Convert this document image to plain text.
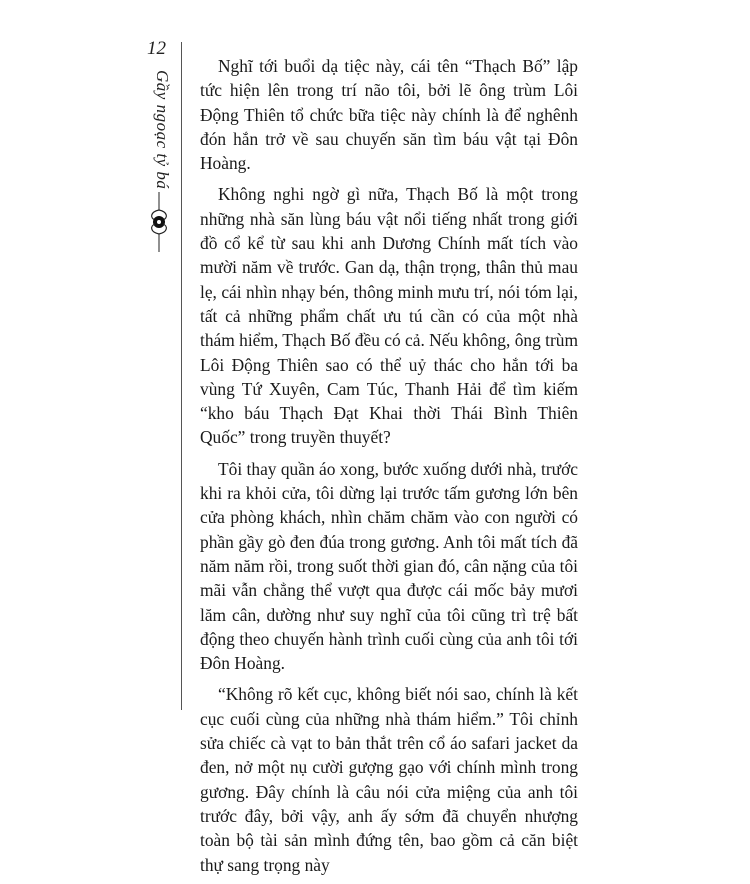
12
Gầy ngoạc tỷ bá

Nghĩ tới buổi dạ tiệc này, cái tên “Thạch Bố” lập tức hiện lên trong trí não tôi, bởi lẽ ông trùm Lôi Động Thiên tổ chức bữa tiệc này chính là để nghênh đón hắn trở về sau chuyến săn tìm báu vật tại Đôn Hoàng.

Không nghi ngờ gì nữa, Thạch Bố là một trong những nhà săn lùng báu vật nổi tiếng nhất trong giới đồ cổ kể từ sau khi anh Dương Chính mất tích vào mười năm về trước. Gan dạ, thận trọng, thân thủ mau lẹ, cái nhìn nhạy bén, thông minh mưu trí, nói tóm lại, tất cả những phẩm chất ưu tú cần có của một nhà thám hiểm, Thạch Bố đều có cả. Nếu không, ông trùm Lôi Động Thiên sao có thể uỷ thác cho hắn tới ba vùng Tứ Xuyên, Cam Túc, Thanh Hải để tìm kiếm “kho báu Thạch Đạt Khai thời Thái Bình Thiên Quốc” trong truyền thuyết?

Tôi thay quần áo xong, bước xuống dưới nhà, trước khi ra khỏi cửa, tôi dừng lại trước tấm gương lớn bên cửa phòng khách, nhìn chăm chăm vào con người có phần gầy gò đen đúa trong gương. Anh tôi mất tích đã năm năm rồi, trong suốt thời gian đó, cân nặng của tôi mãi vẫn chẳng thể vượt qua được cái mốc bảy mươi lăm cân, dường như suy nghĩ của tôi cũng trì trệ bất động theo chuyến hành trình cuối cùng của anh tôi tới Đôn Hoàng.

“Không rõ kết cục, không biết nói sao, chính là kết cục cuối cùng của những nhà thám hiểm.” Tôi chỉnh sửa chiếc cà vạt to bản thắt trên cổ áo safari jacket da đen, nở một nụ cười gượng gạo với chính mình trong gương. Đây chính là câu nói cửa miệng của anh tôi trước đây, bởi vậy, anh ấy sớm đã chuyển nhượng toàn bộ tài sản mình đứng tên, bao gồm cả căn biệt thự sang trọng này
